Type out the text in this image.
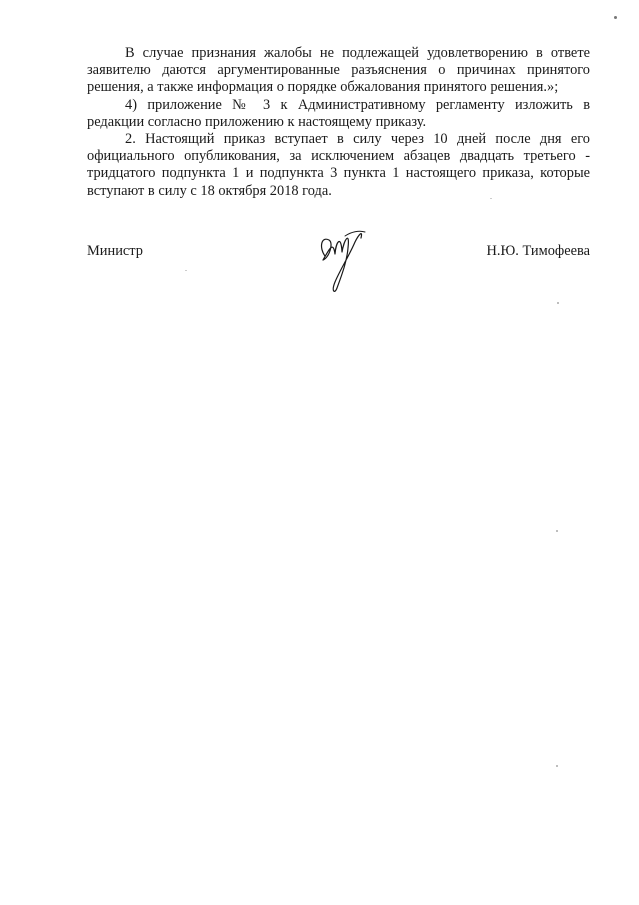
В случае признания жалобы не подлежащей удовлетворению в ответе заявителю даются аргументированные разъяснения о причинах принятого решения, а также информация о порядке обжалования принятого решения.»;

4) приложение № 3 к Административному регламенту изложить в редакции согласно приложению к настоящему приказу.

2. Настоящий приказ вступает в силу через 10 дней после дня его официального опубликования, за исключением абзацев двадцать третьего - тридцатого подпункта 1 и подпункта 3 пункта 1 настоящего приказа, которые вступают в силу с 18 октября 2018 года.

Министр	Н.Ю. Тимофеева
